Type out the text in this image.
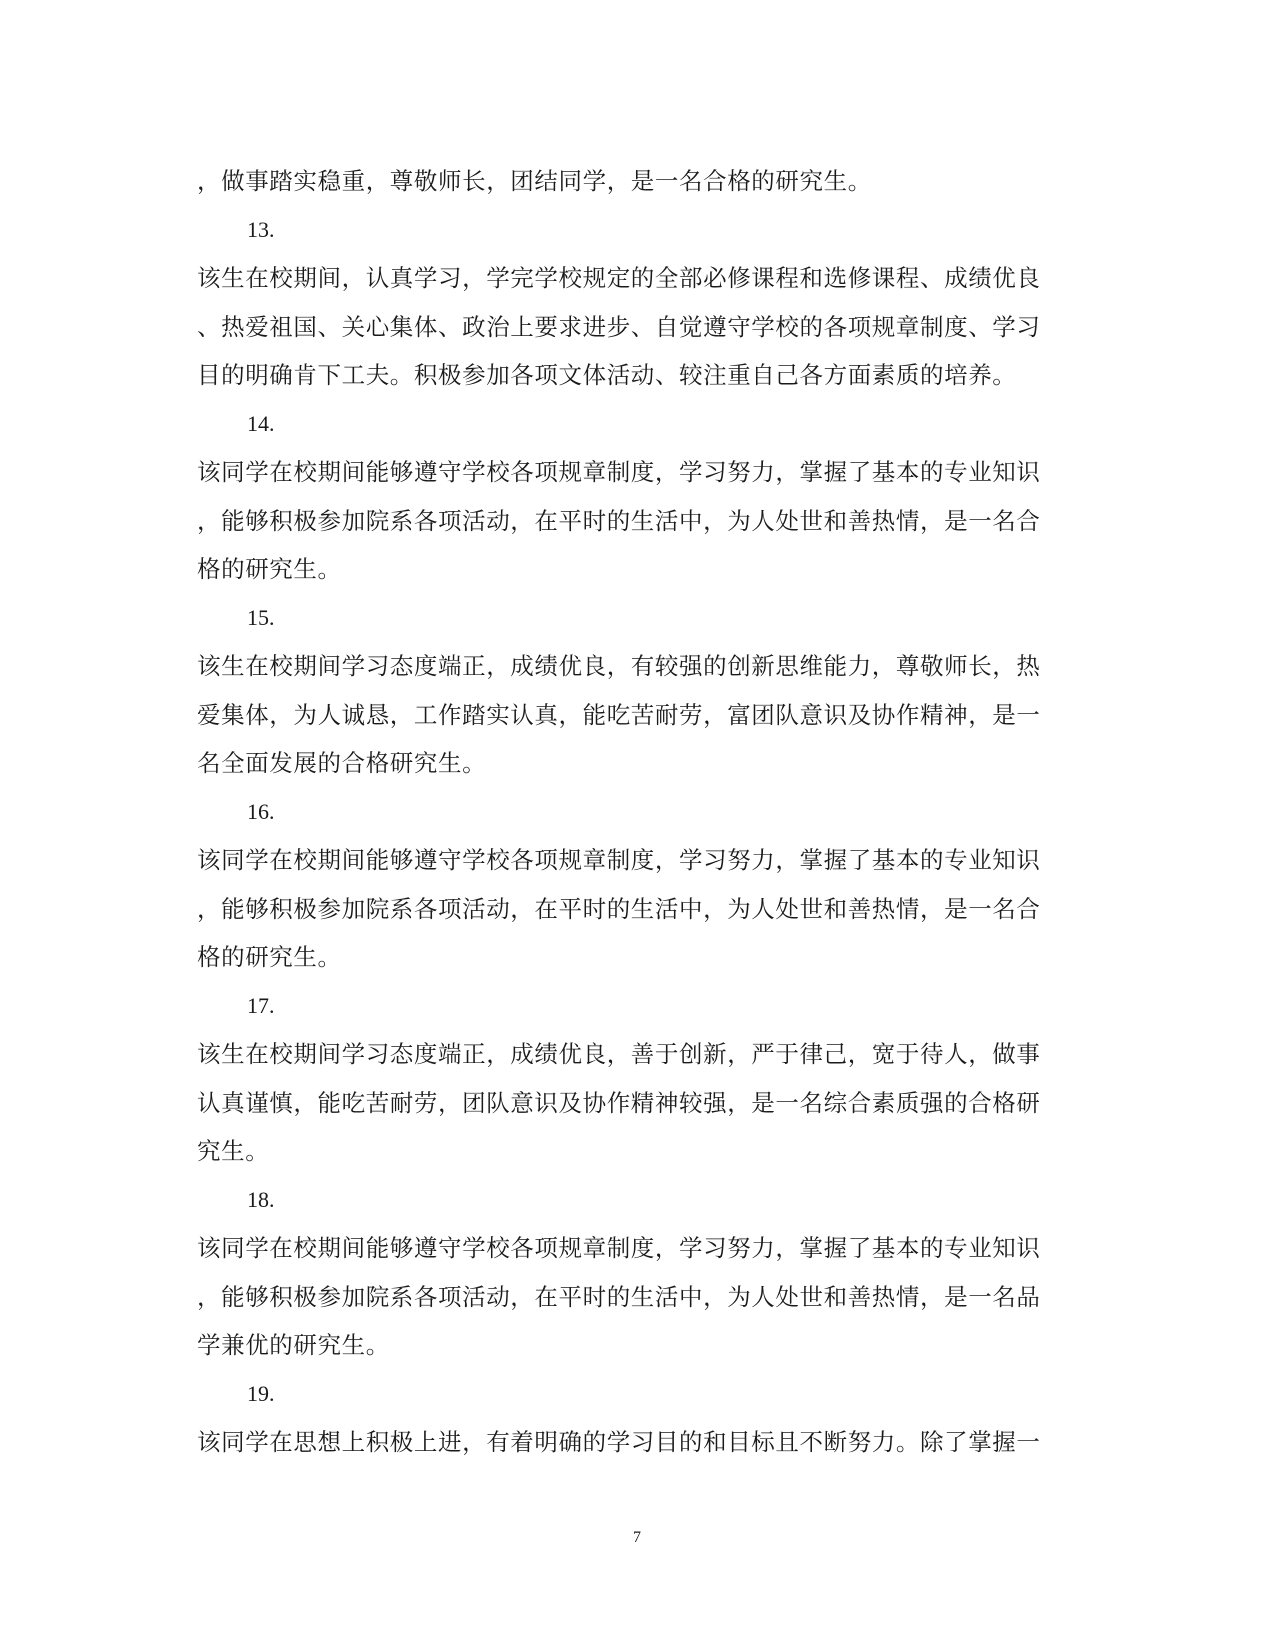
，做事踏实稳重，尊敬师长，团结同学，是一名合格的研究生。
13.
该生在校期间，认真学习，学完学校规定的全部必修课程和选修课程、成绩优良
、热爱祖国、关心集体、政治上要求进步、自觉遵守学校的各项规章制度、学习
目的明确肯下工夫。积极参加各项文体活动、较注重自己各方面素质的培养。
14.
该同学在校期间能够遵守学校各项规章制度，学习努力，掌握了基本的专业知识
，能够积极参加院系各项活动，在平时的生活中，为人处世和善热情，是一名合
格的研究生。
15.
该生在校期间学习态度端正，成绩优良，有较强的创新思维能力，尊敬师长，热
爱集体，为人诚恳，工作踏实认真，能吃苦耐劳，富团队意识及协作精神，是一
名全面发展的合格研究生。
16.
该同学在校期间能够遵守学校各项规章制度，学习努力，掌握了基本的专业知识
，能够积极参加院系各项活动，在平时的生活中，为人处世和善热情，是一名合
格的研究生。
17.
该生在校期间学习态度端正，成绩优良，善于创新，严于律己，宽于待人，做事
认真谨慎，能吃苦耐劳，团队意识及协作精神较强，是一名综合素质强的合格研
究生。
18.
该同学在校期间能够遵守学校各项规章制度，学习努力，掌握了基本的专业知识
，能够积极参加院系各项活动，在平时的生活中，为人处世和善热情，是一名品
学兼优的研究生。
19.
该同学在思想上积极上进，有着明确的学习目的和目标且不断努力。除了掌握一
7
